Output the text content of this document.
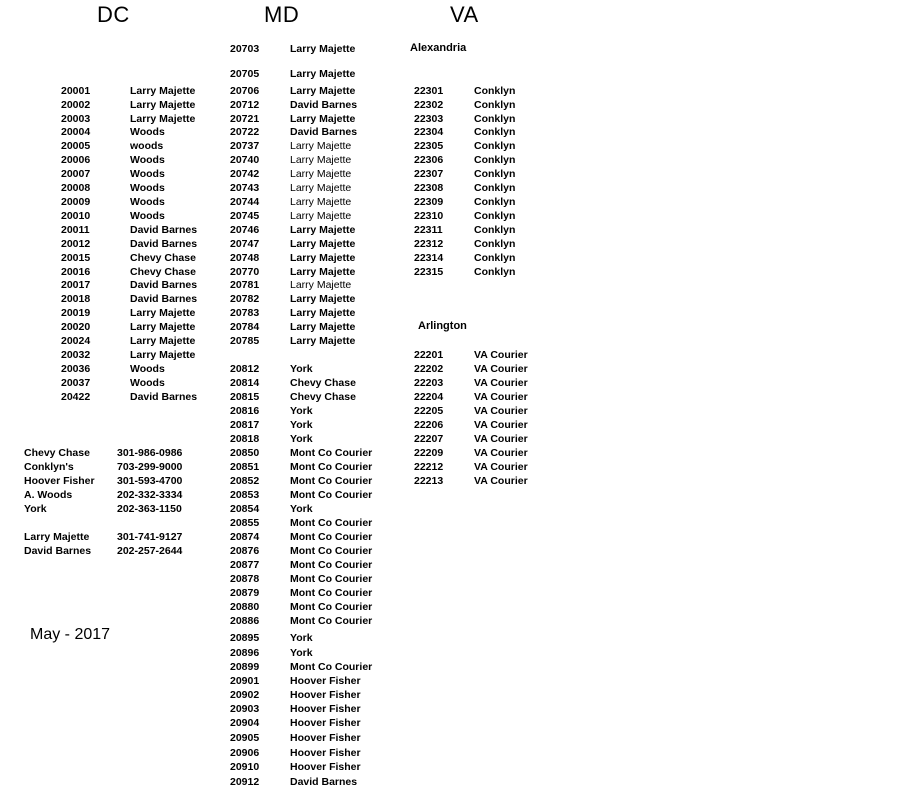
DC	MD	VA
Alexandria
Arlington
May - 2017
20001	Larry Majette
20002	Larry Majette
20003	Larry Majette
20004	Woods
20005	woods
20006	Woods
20007	Woods
20008	Woods
20009	Woods
20010	Woods
20011	David Barnes
20012	David Barnes
20015	Chevy Chase
20016	Chevy Chase
20017	David Barnes
20018	David Barnes
20019	Larry Majette
20020	Larry Majette
20024	Larry Majette
20032	Larry Majette
20036	Woods
20037	Woods
20422	David Barnes
Chevy Chase	301-986-0986
Conklyn's	703-299-9000
Hoover Fisher 301-593-4700
A. Woods	202-332-3334
York	202-363-1150
Larry Majette	301-741-9127
David Barnes 202-257-2644
20703	Larry Majette
20705	Larry Majette
20706	Larry Majette
20712	David Barnes
20721	Larry Majette
20722	David Barnes
20737	Larry Majette
20740	Larry Majette
20742	Larry Majette
20743	Larry Majette
20744	Larry Majette
20745	Larry Majette
20746	Larry Majette
20747	Larry Majette
20748	Larry Majette
20770	Larry Majette
20781	Larry Majette
20782	Larry Majette
20783	Larry Majette
20784	Larry Majette
20785	Larry Majette
20812	York
20814	Chevy Chase
20815	Chevy Chase
20816	York
20817	York
20818	York
20850	Mont Co Courier
20851	Mont Co Courier
20852	Mont Co Courier
20853	Mont Co Courier
20854	York
20855	Mont Co Courier
20874	Mont Co Courier
20876	Mont Co Courier
20877	Mont Co Courier
20878	Mont Co Courier
20879	Mont Co Courier
20880	Mont Co Courier
20886	Mont Co Courier
20895	York
20896	York
20899	Mont Co Courier
20901	Hoover Fisher
20902	Hoover Fisher
20903	Hoover Fisher
20904	Hoover Fisher
20905	Hoover Fisher
20906	Hoover Fisher
20910	Hoover Fisher
20912	David Barnes
22301	Conklyn
22302	Conklyn
22303	Conklyn
22304	Conklyn
22305	Conklyn
22306	Conklyn
22307	Conklyn
22308	Conklyn
22309	Conklyn
22310	Conklyn
22311	Conklyn
22312	Conklyn
22314	Conklyn
22315	Conklyn
22201	VA Courier
22202	VA Courier
22203	VA Courier
22204	VA Courier
22205	VA Courier
22206	VA Courier
22207	VA Courier
22209	VA Courier
22212	VA Courier
22213	VA Courier
